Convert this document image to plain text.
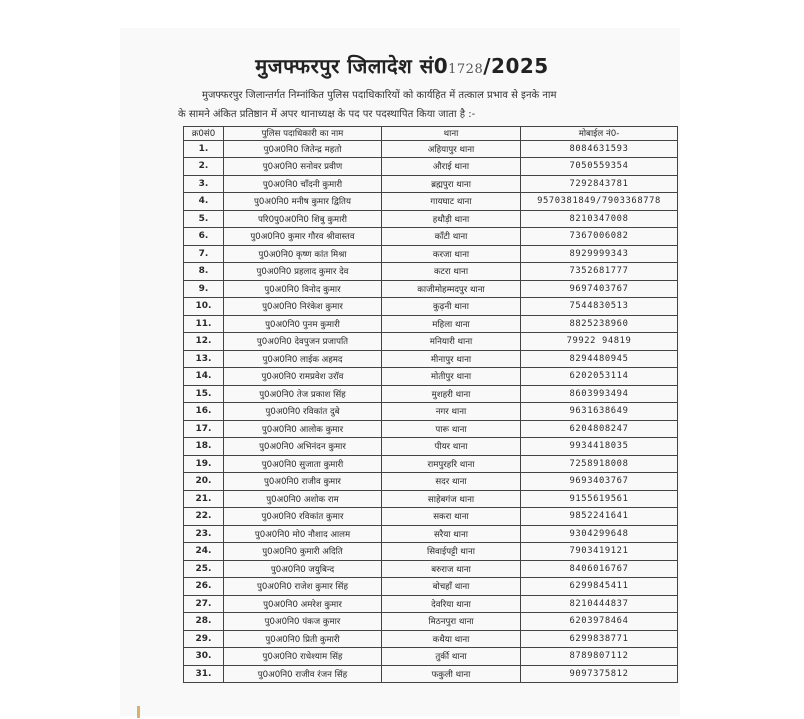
मुजफ्फरपुर जिलादेश सं01728/2025

मुजफ्फरपुर जिलान्तर्गत निम्नांकित पुलिस पदाधिकारियों को कार्यहित में तत्काल प्रभाव से इनके नाम

के सामने अंकित प्रतिष्ठान में अपर थानाध्यक्ष के पद पर पदस्थापित किया जाता है :-

क्र0सं0	पुलिस पदाधिकारी का नाम	थाना	मोबाईल नं0-
1.	पु0अ0नि0 जितेन्द्र महतो	अहियापुर थाना	8084631593
2.	पु0अ0नि0 सनोवर प्रवीण	औराई थाना	7050559354
3.	पु0अ0नि0 चाँदनी कुमारी	ब्रह्मपुरा थाना	7292843781
4.	पु0अ0नि0 मनीष कुमार द्वितिय	गायघाट थाना	9570381849/7903368778
5.	परि0पु0अ0नि0 शिबु कुमारी	हथौड़ी थाना	8210347008
6.	पु0अ0नि0 कुमार गौरव श्रीवास्तव	काँटी थाना	7367006082
7.	पु0अ0नि0 कृष्ण कांत मिश्रा	करजा थाना	8929999343
8.	पु0अ0नि0 प्रहलाद कुमार देव	कटरा थाना	7352681777
9.	पु0अ0नि0 विनोद कुमार	काजीमोहम्मदपुर थाना	9697403767
10.	पु0अ0नि0 निरंकेश कुमार	कुढ़नी थाना	7544830513
11.	पु0अ0नि0 पुनम कुमारी	महिला थाना	8825238960
12.	पु0अ0नि0 देवपुजन प्रजापति	मनियारी थाना	79922 94819
13.	पु0अ0नि0 लाईक अहमद	मीनापुर थाना	8294480945
14.	पु0अ0नि0 रामप्रवेश उरॉव	मोतीपुर थाना	6202053114
15.	पु0अ0नि0 तेज प्रकाश सिंह	मुशहरी थाना	8603993494
16.	पु0अ0नि0 रविकांत दुबे	नगर थाना	9631638649
17.	पु0अ0नि0 आलोक कुमार	पारू थाना	6204808247
18.	पु0अ0नि0 अभिनंदन कुमार	पीयर थाना	9934418035
19.	पु0अ0नि0 सुजाता कुमारी	रामपुरहरि थाना	7258918008
20.	पु0अ0नि0 राजीव कुमार	सदर थाना	9693403767
21.	पु0अ0नि0 अशोक राम	साहेबगंज थाना	9155619561
22.	पु0अ0नि0 रविकांत कुमार	सकरा थाना	9852241641
23.	पु0अ0नि0 मो0 नौशाद आलम	सरैया थाना	9304299648
24.	पु0अ0नि0 कुमारी अदिति	सिवाईपट्टी थाना	7903419121
25.	पु0अ0नि0 जयुबिन्द	बरुराज थाना	8406016767
26.	पु0अ0नि0 राजेश कुमार सिंह	बोचहाँ थाना	6299845411
27.	पु0अ0नि0 अमरेश कुमार	देवरिया थाना	8210444837
28.	पु0अ0नि0 पंकज कुमार	मिठनपुरा थाना	6203978464
29.	पु0अ0नि0 प्रिती कुमारी	कथैया थाना	6299838771
30.	पु0अ0नि0 राधेश्याम सिंह	तुर्की थाना	8789807112
31.	पु0अ0नि0 राजीव रंजन सिंह	फकुली थाना	9097375812
